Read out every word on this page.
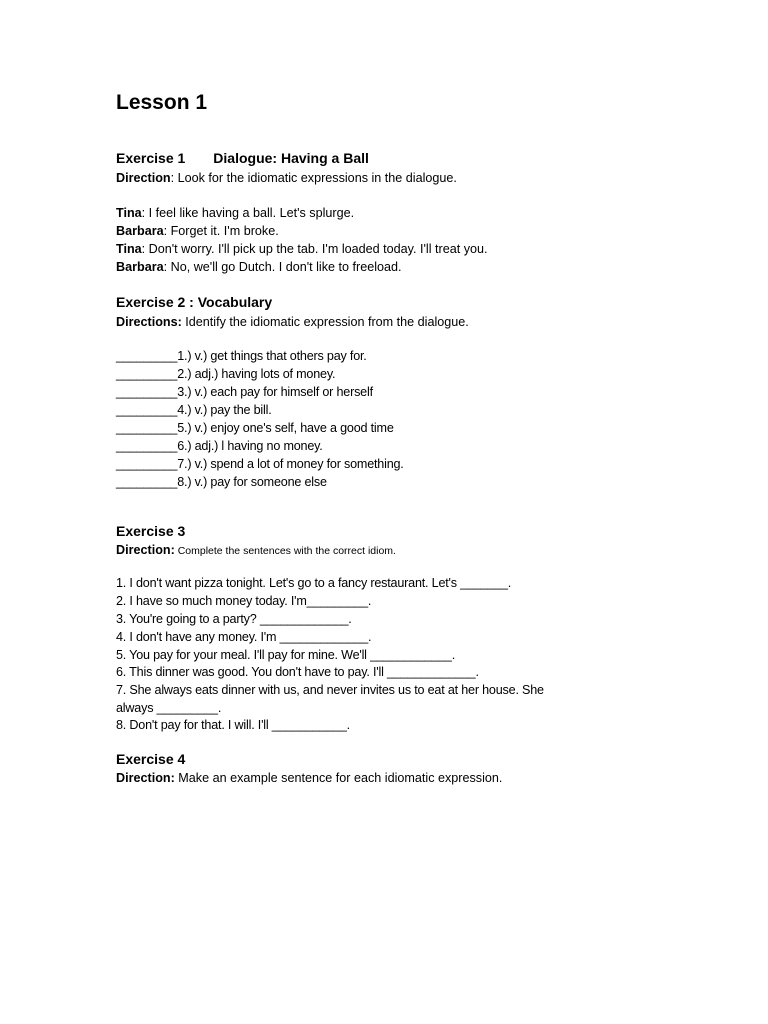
Lesson 1
Exercise 1 Dialogue: Having a Ball
Direction: Look for the idiomatic expressions in the dialogue.
Tina: I feel like having a ball. Let's splurge.
Barbara: Forget it. I'm broke.
Tina: Don't worry. I'll pick up the tab. I'm loaded today. I'll treat you.
Barbara: No, we'll go Dutch. I don't like to freeload.
Exercise 2 : Vocabulary
Directions: Identify the idiomatic expression from the dialogue.
_________1.) v.) get things that others pay for.
_________2.) adj.) having lots of money.
_________3.) v.) each pay for himself or herself
_________4.) v.) pay the bill.
_________5.) v.) enjoy one's self, have a good time
_________6.) adj.) l having no money.
_________7.) v.) spend a lot of money for something.
_________8.) v.) pay for someone else
Exercise 3
Direction: Complete the sentences with the correct idiom.
1. I don't want pizza tonight. Let's go to a fancy restaurant. Let's _______.
2. I have so much money today. I'm_________.
3. You're going to a party? _____________.
4. I don't have any money. I'm _____________.
5. You pay for your meal. I'll pay for mine. We'll ____________.
6. This dinner was good. You don't have to pay. I'll _____________.
7. She always eats dinner with us, and never invites us to eat at her house. She
always _________.
8. Don't pay for that. I will. I'll ___________.
Exercise 4
Direction: Make an example sentence for each idiomatic expression.
